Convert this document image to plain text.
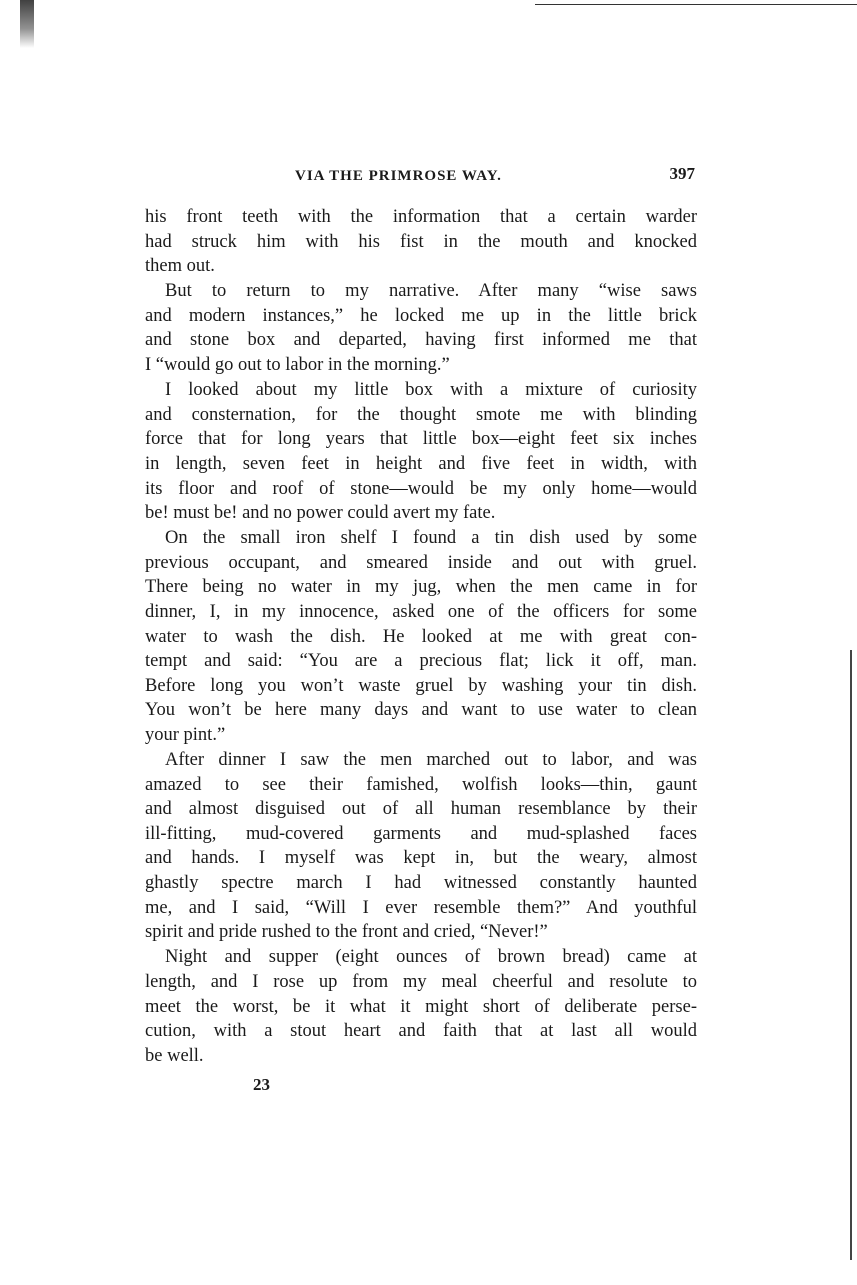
VIA THE PRIMROSE WAY.	397
his front teeth with the information that a certain warder
had struck him with his fist in the mouth and knocked
them out.
But to return to my narrative. After many “wise saws
and modern instances,” he locked me up in the little brick
and stone box and departed, having first informed me that
I “would go out to labor in the morning.”
I looked about my little box with a mixture of curiosity
and consternation, for the thought smote me with blinding
force that for long years that little box—eight feet six inches
in length, seven feet in height and five feet in width, with
its floor and roof of stone—would be my only home—would
be! must be! and no power could avert my fate.
On the small iron shelf I found a tin dish used by some
previous occupant, and smeared inside and out with gruel.
There being no water in my jug, when the men came in for
dinner, I, in my innocence, asked one of the officers for some
water to wash the dish. He looked at me with great con-
tempt and said: “You are a precious flat; lick it off, man.
Before long you won’t waste gruel by washing your tin dish.
You won’t be here many days and want to use water to clean
your pint.”
After dinner I saw the men marched out to labor, and was
amazed to see their famished, wolfish looks—thin, gaunt
and almost disguised out of all human resemblance by their
ill-fitting, mud-covered garments and mud-splashed faces
and hands. I myself was kept in, but the weary, almost
ghastly spectre march I had witnessed constantly haunted
me, and I said, “Will I ever resemble them?” And youthful
spirit and pride rushed to the front and cried, “Never!”
Night and supper (eight ounces of brown bread) came at
length, and I rose up from my meal cheerful and resolute to
meet the worst, be it what it might short of deliberate perse-
cution, with a stout heart and faith that at last all would
be well.
23
